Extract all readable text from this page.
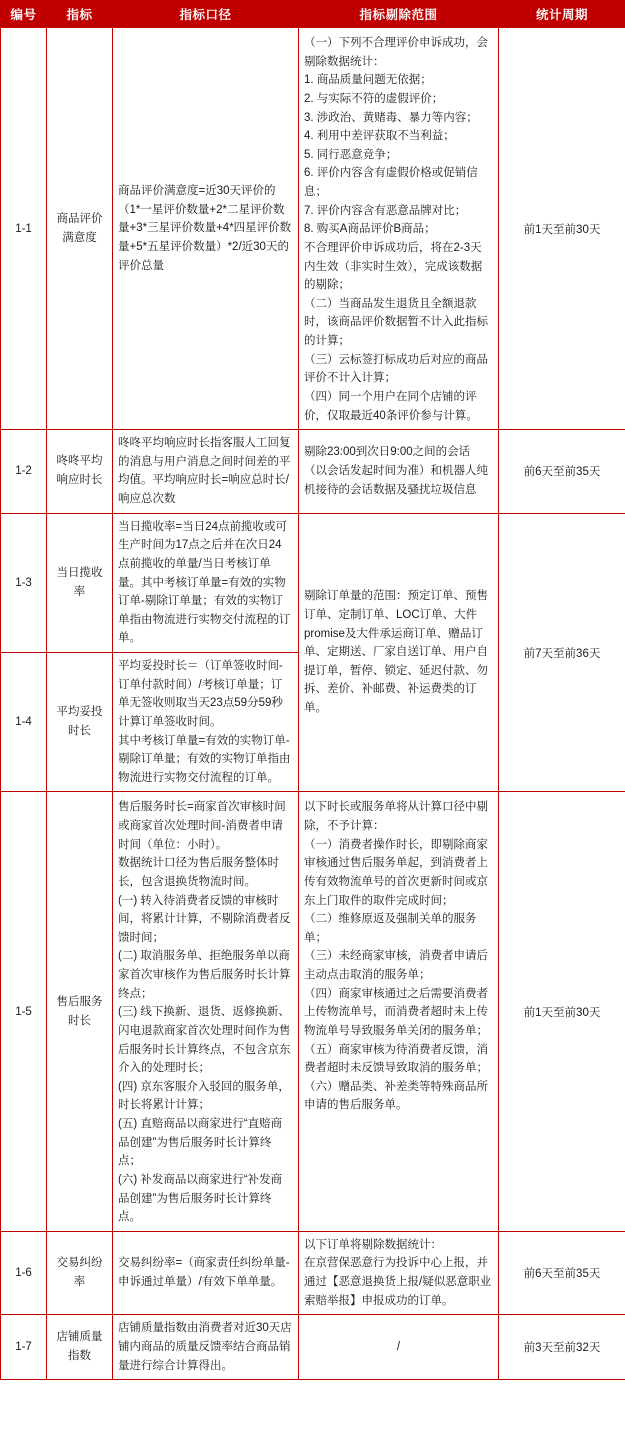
编号	指标	指标口径	指标剔除范围	统计周期
1-1	商品评价
满意度	商品评价满意度=近30天评价的（1*一星评价数量+2*二星评价数量+3*三星评价数量+4*四星评价数量+5*五星评价数量）*2/近30天的评价总量	（一）下列不合理评价申诉成功，会剔除数据统计：
1. 商品质量问题无依据；
2. 与实际不符的虚假评价；
3. 涉政治、黄赌毒、暴力等内容；
4. 利用中差评获取不当利益；
5. 同行恶意竞争；
6. 评价内容含有虚假价格或促销信息；
7. 评价内容含有恶意品牌对比；
8. 购买A商品评价B商品；
不合理评价申诉成功后，将在2-3天内生效（非实时生效），完成该数据的剔除；
（二）当商品发生退货且全额退款时，该商品评价数据暂不计入此指标的计算；
（三）云标签打标成功后对应的商品评价不计入计算；
（四）同一个用户在同个店铺的评价，仅取最近40条评价参与计算。	前1天至前30天
1-2	咚咚平均
响应时长	咚咚平均响应时长指客服人工回复的消息与用户消息之间时间差的平均值。平均响应时长=响应总时长/响应总次数	剔除23:00到次日9:00之间的会话（以会话发起时间为准）和机器人纯机接待的会话数据及骚扰垃圾信息	前6天至前35天
1-3	当日揽收
率	当日揽收率=当日24点前揽收或可生产时间为17点之后并在次日24点前揽收的单量/当日考核订单量。其中考核订单量=有效的实物订单-剔除订单量；有效的实物订单指由物流进行实物交付流程的订单。	剔除订单量的范围：预定订单、预售订单、定制订单、LOC订单、大件promise及大件承运商订单、赠品订单、定期送、厂家自送订单、用户自提订单，暂停、锁定、延迟付款、勿拆、差价、补邮费、补运费类的订单。	前7天至前36天
1-4	平均妥投
时长	平均妥投时长＝（订单签收时间-订单付款时间）/考核订单量；订单无签收则取当天23点59分59秒计算订单签收时间。
其中考核订单量=有效的实物订单-剔除订单量；有效的实物订单指由物流进行实物交付流程的订单。		
1-5	售后服务
时长	售后服务时长=商家首次审核时间或商家首次处理时间-消费者申请时间（单位：小时）。
数据统计口径为售后服务整体时长，包含退换货物流时间。
(一) 转入待消费者反馈的审核时间，将累计计算，不剔除消费者反馈时间；
(二) 取消服务单、拒绝服务单以商家首次审核作为售后服务时长计算终点；
(三) 线下换新、退货、返修换新、闪电退款商家首次处理时间作为售后服务时长计算终点，不包含京东介入的处理时长；
(四) 京东客服介入驳回的服务单，时长将累计计算；
(五) 直赔商品以商家进行“直赔商品创建”为售后服务时长计算终点；
(六) 补发商品以商家进行“补发商品创建”为售后服务时长计算终点。	以下时长或服务单将从计算口径中剔除，不予计算：
（一）消费者操作时长，即剔除商家审核通过售后服务单起，到消费者上传有效物流单号的首次更新时间或京东上门取件的取件完成时间；
（二）维修原返及强制关单的服务单；
（三）未经商家审核，消费者申请后主动点击取消的服务单；
（四）商家审核通过之后需要消费者上传物流单号，而消费者超时未上传物流单号导致服务单关闭的服务单；
（五）商家审核为待消费者反馈，消费者超时未反馈导致取消的服务单；
（六）赠品类、补差类等特殊商品所申请的售后服务单。	前1天至前30天
1-6	交易纠纷
率	交易纠纷率=（商家责任纠纷单量-申诉通过单量）/有效下单单量。	以下订单将剔除数据统计：
在京营保恶意行为投诉中心上报，并通过【恶意退换货上报/疑似恶意职业索赔举报】申报成功的订单。	前6天至前35天
1-7	店铺质量
指数	店铺质量指数由消费者对近30天店铺内商品的质量反馈率结合商品销量进行综合计算得出。	/	前3天至前32天
